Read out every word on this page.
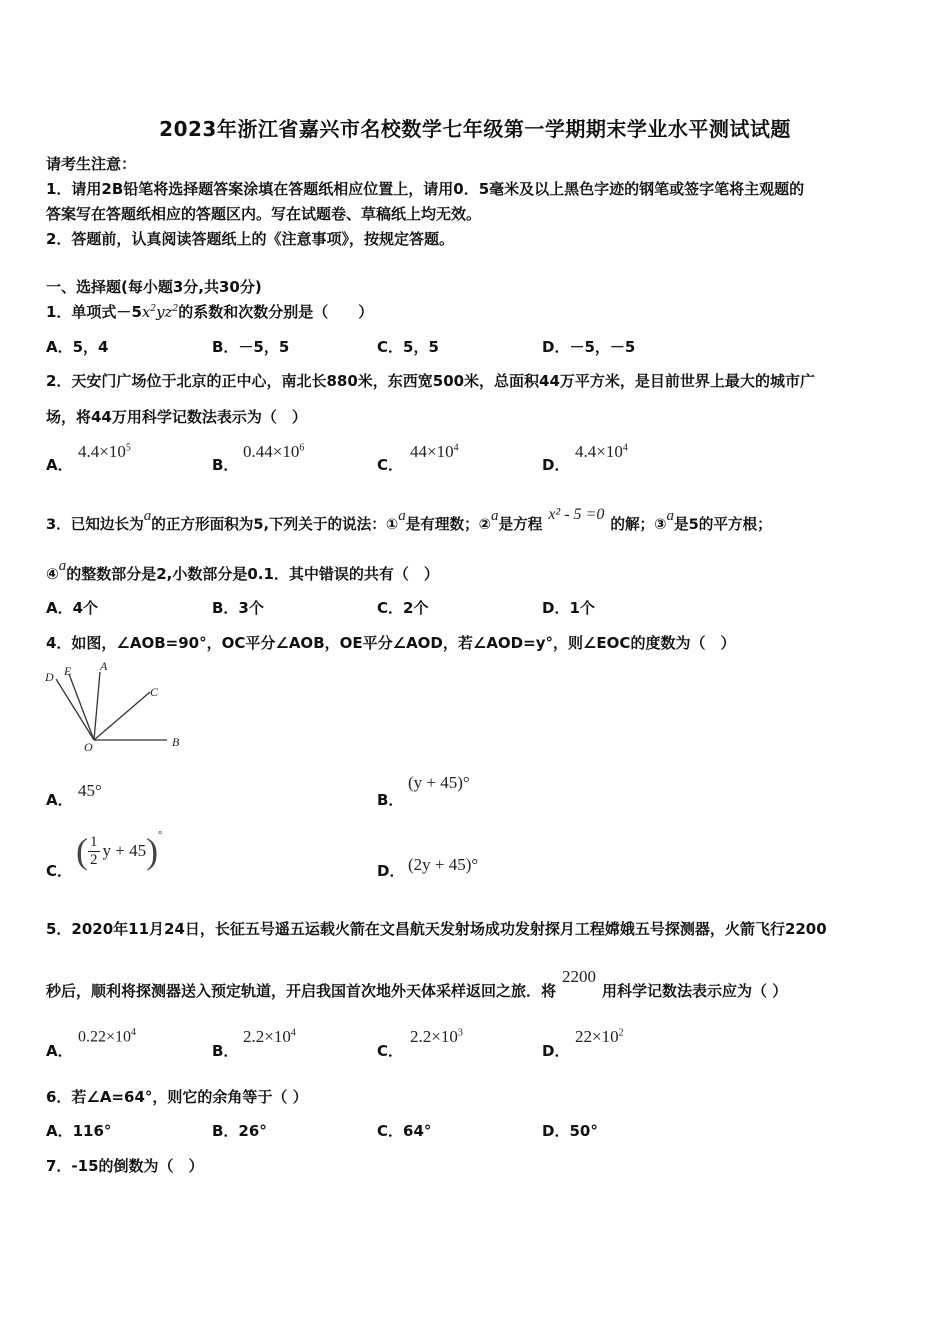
2023年浙江省嘉兴市名校数学七年级第一学期期末学业水平测试试题
请考生注意：
1．请用2B铅笔将选择题答案涂填在答题纸相应位置上，请用0．5毫米及以上黑色字迹的钢笔或签字笔将主观题的
答案写在答题纸相应的答题区内。写在试题卷、草稿纸上均无效。
2．答题前，认真阅读答题纸上的《注意事项》，按规定答题。
一、选择题(每小题3分,共30分)
1．单项式$-5x^2yz^2$的系数和次数分别是（　　）
A．5，4	B．－5，5	C．5，5	D．－5，－5
2．天安门广场位于北京的正中心，南北长880米，东西宽500米，总面积44万平方米，是目前世界上最大的城市广
场，将44万用科学记数法表示为（　）
A．
$4.4\times 10^5$
B．
$0.44\times 10^6$
C．
$44\times 10^4$
D．
$4.4\times 10^4$
3．已知边长为a的正方形面积为5,下列关于的说法：①a是有理数；②a是方程x² - 5 =0的解；③a是5的平方根；
④a的整数部分是2,小数部分是0.1．其中错误的共有（　）
A．4个	B．3个	C．2个	D．1个
4．如图，∠AOB=90°，OC平分∠AOB，OE平分∠AOD，若∠AOD=y°，则∠EOC的度数为（　）
D E A
C
O	B
A． 45°	B．
(y + 45)°
C． ( $\frac{1}{2}$ y + 45)°
D． (2y + 45)°
5．2020年11月24日，长征五号遥五运载火箭在文昌航天发射场成功发射探月工程嫦娥五号探测器，火箭飞行2200
秒后，顺利将探测器送入预定轨道，开启我国首次地外天体采样返回之旅．将2200用科学记数法表示应为（ ）
A．
$0.22\times 10^4$
B．
$2.2\times 10^4$
C．
$2.2\times 10^3$
D．
$22\times 10^2$
6．若∠A=64°，则它的余角等于（ ）
A．116°	B．26°	C．64°	D．50°
7．-15的倒数为（　）
